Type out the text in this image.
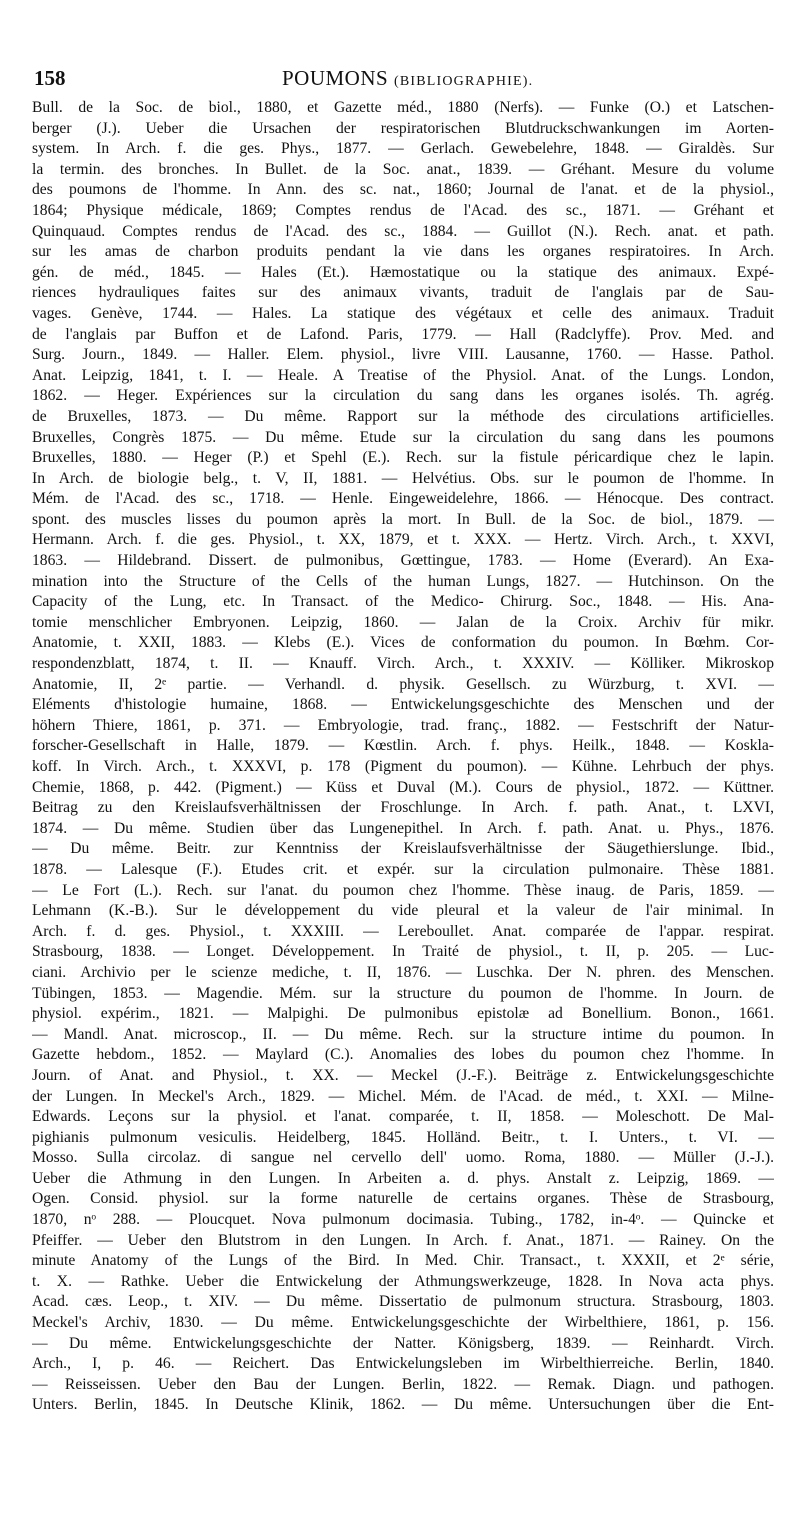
158	POUMONS (BIBLIOGRAPHIE).
Bull. de la Soc. de biol., 1880, et Gazette méd., 1880 (Nerfs). — Funke (O.) et Latschen-
berger (J.). Ueber die Ursachen der respiratorischen Blutdruckschwankungen im Aorten-
system. In Arch. f. die ges. Phys., 1877. — Gerlach. Gewebelehre, 1848. — Giraldès. Sur
la termin. des bronches. In Bullet. de la Soc. anat., 1839. — Gréhant. Mesure du volume
des poumons de l'homme. In Ann. des sc. nat., 1860; Journal de l'anat. et de la physiol.,
1864; Physique médicale, 1869; Comptes rendus de l'Acad. des sc., 1871. — Gréhant et
Quinquaud. Comptes rendus de l'Acad. des sc., 1884. — Guillot (N.). Rech. anat. et path.
sur les amas de charbon produits pendant la vie dans les organes respiratoires. In Arch.
gén. de méd., 1845. — Hales (Et.). Hæmostatique ou la statique des animaux. Expé-
riences hydrauliques faites sur des animaux vivants, traduit de l'anglais par de Sau-
vages. Genève, 1744. — Hales. La statique des végétaux et celle des animaux. Traduit
de l'anglais par Buffon et de Lafond. Paris, 1779. — Hall (Radclyffe). Prov. Med. and
Surg. Journ., 1849. — Haller. Elem. physiol., livre VIII. Lausanne, 1760. — Hasse. Pathol.
Anat. Leipzig, 1841, t. I. — Heale. A Treatise of the Physiol. Anat. of the Lungs. London,
1862. — Heger. Expériences sur la circulation du sang dans les organes isolés. Th. agrég.
de Bruxelles, 1873. — Du même. Rapport sur la méthode des circulations artificielles.
Bruxelles, Congrès 1875. — Du même. Etude sur la circulation du sang dans les poumons
Bruxelles, 1880. — Heger (P.) et Spehl (E.). Rech. sur la fistule péricardique chez le lapin.
In Arch. de biologie belg., t. V, II, 1881. — Helvétius. Obs. sur le poumon de l'homme. In
Mém. de l'Acad. des sc., 1718. — Henle. Eingeweidelehre, 1866. — Hénocque. Des contract.
spont. des muscles lisses du poumon après la mort. In Bull. de la Soc. de biol., 1879. —
Hermann. Arch. f. die ges. Physiol., t. XX, 1879, et t. XXX. — Hertz. Virch. Arch., t. XXVI,
1863. — Hildebrand. Dissert. de pulmonibus, Gœttingue, 1783. — Home (Everard). An Exa-
mination into the Structure of the Cells of the human Lungs, 1827. — Hutchinson. On the
Capacity of the Lung, etc. In Transact. of the Medico- Chirurg. Soc., 1848. — His. Ana-
tomie menschlicher Embryonen. Leipzig, 1860. — Jalan de la Croix. Archiv für mikr.
Anatomie, t. XXII, 1883. — Klebs (E.). Vices de conformation du poumon. In Bœhm. Cor-
respondenzblatt, 1874, t. II. — Knauff. Virch. Arch., t. XXXIV. — Kölliker. Mikroskop
Anatomie, II, 2ᵉ partie. — Verhandl. d. physik. Gesellsch. zu Würzburg, t. XVI. —
Eléments d'histologie humaine, 1868. — Entwickelungsgeschichte des Menschen und der
höhern Thiere, 1861, p. 371. — Embryologie, trad. franç., 1882. — Festschrift der Natur-
forscher-Gesellschaft in Halle, 1879. — Kœstlin. Arch. f. phys. Heilk., 1848. — Koskla-
koff. In Virch. Arch., t. XXXVI, p. 178 (Pigment du poumon). — Kühne. Lehrbuch der phys.
Chemie, 1868, p. 442. (Pigment.) — Küss et Duval (M.). Cours de physiol., 1872. — Küttner.
Beitrag zu den Kreislaufsverhältnissen der Froschlunge. In Arch. f. path. Anat., t. LXVI,
1874. — Du même. Studien über das Lungenepithel. In Arch. f. path. Anat. u. Phys., 1876.
— Du même. Beitr. zur Kenntniss der Kreislaufsverhältnisse der Säugethierslunge. Ibid.,
1878. — Lalesque (F.). Etudes crit. et expér. sur la circulation pulmonaire. Thèse 1881.
— Le Fort (L.). Rech. sur l'anat. du poumon chez l'homme. Thèse inaug. de Paris, 1859. —
Lehmann (K.-B.). Sur le développement du vide pleural et la valeur de l'air minimal. In
Arch. f. d. ges. Physiol., t. XXXIII. — Lereboullet. Anat. comparée de l'appar. respirat.
Strasbourg, 1838. — Longet. Développement. In Traité de physiol., t. II, p. 205. — Luc-
ciani. Archivio per le scienze mediche, t. II, 1876. — Luschka. Der N. phren. des Menschen.
Tübingen, 1853. — Magendie. Mém. sur la structure du poumon de l'homme. In Journ. de
physiol. expérim., 1821. — Malpighi. De pulmonibus epistolæ ad Bonellium. Bonon., 1661.
— Mandl. Anat. microscop., II. — Du même. Rech. sur la structure intime du poumon. In
Gazette hebdom., 1852. — Maylard (C.). Anomalies des lobes du poumon chez l'homme. In
Journ. of Anat. and Physiol., t. XX. — Meckel (J.-F.). Beiträge z. Entwickelungsgeschichte
der Lungen. In Meckel's Arch., 1829. — Michel. Mém. de l'Acad. de méd., t. XXI. — Milne-
Edwards. Leçons sur la physiol. et l'anat. comparée, t. II, 1858. — Moleschott. De Mal-
pighianis pulmonum vesiculis. Heidelberg, 1845. Holländ. Beitr., t. I. Unters., t. VI. —
Mosso. Sulla circolaz. di sangue nel cervello dell' uomo. Roma, 1880. — Müller (J.-J.).
Ueber die Athmung in den Lungen. In Arbeiten a. d. phys. Anstalt z. Leipzig, 1869. —
Ogen. Consid. physiol. sur la forme naturelle de certains organes. Thèse de Strasbourg,
1870, nᵒ 288. — Ploucquet. Nova pulmonum docimasia. Tubing., 1782, in-4ᵒ. — Quincke et
Pfeiffer. — Ueber den Blutstrom in den Lungen. In Arch. f. Anat., 1871. — Rainey. On the
minute Anatomy of the Lungs of the Bird. In Med. Chir. Transact., t. XXXII, et 2ᵉ série,
t. X. — Rathke. Ueber die Entwickelung der Athmungswerkzeuge, 1828. In Nova acta phys.
Acad. cæs. Leop., t. XIV. — Du même. Dissertatio de pulmonum structura. Strasbourg, 1803.
Meckel's Archiv, 1830. — Du même. Entwickelungsgeschichte der Wirbelthiere, 1861, p. 156.
— Du même. Entwickelungsgeschichte der Natter. Königsberg, 1839. — Reinhardt. Virch.
Arch., I, p. 46. — Reichert. Das Entwickelungsleben im Wirbelthierreiche. Berlin, 1840.
— Reisseissen. Ueber den Bau der Lungen. Berlin, 1822. — Remak. Diagn. und pathogen.
Unters. Berlin, 1845. In Deutsche Klinik, 1862. — Du même. Untersuchungen über die Ent-
